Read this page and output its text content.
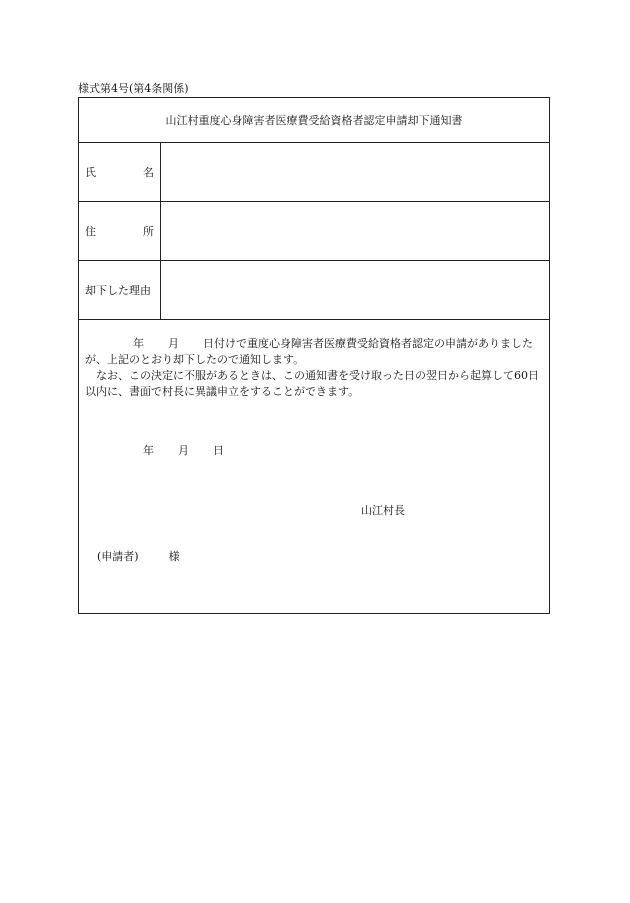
様式第4号(第4条関係)
山江村重度心身障害者医療費受給資格者認定申請却下通知書
氏	名
住	所
却下した理由
年 月 日付けで重度心身障害者医療費受給資格者認定の申請がありましたが、上記のとおり却下したので通知します。
　なお、この決定に不服があるときは、この通知書を受け取った日の翌日から起算して60日以内に、書面で村長に異議申立をすることができます。
年 月 日
山江村長
(申請者)	様
